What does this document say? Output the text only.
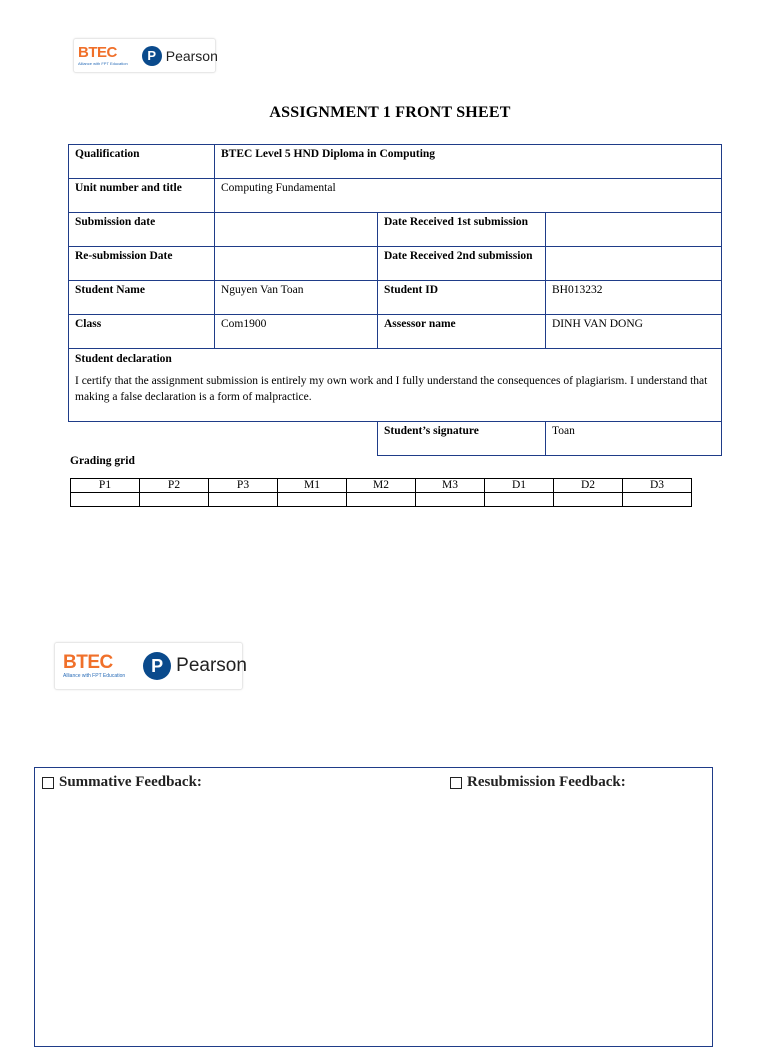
BTEC
Alliance with FPT Education
P Pearson
ASSIGNMENT 1 FRONT SHEET
Qualification	BTEC Level 5 HND Diploma in Computing		
Unit number and title	Computing Fundamental		
Submission date		Date Received 1st submission	
Re-submission Date		Date Received 2nd submission	
Student Name	Nguyen Van Toan	Student ID	BH013232
Class	Com1900	Assessor name	DINH VAN DONG

Student declaration
I certify that the assignment submission is entirely my own work and I fully understand the consequences of plagiarism. I understand that making a false declaration is a form of malpractice.			

		Student’s signature	Toan
Grading grid
P1	P2	P3	M1	M2	M3	D1	D2	D3

BTEC
Alliance with FPT Education
P Pearson
Summative Feedback:	Resubmission Feedback:
